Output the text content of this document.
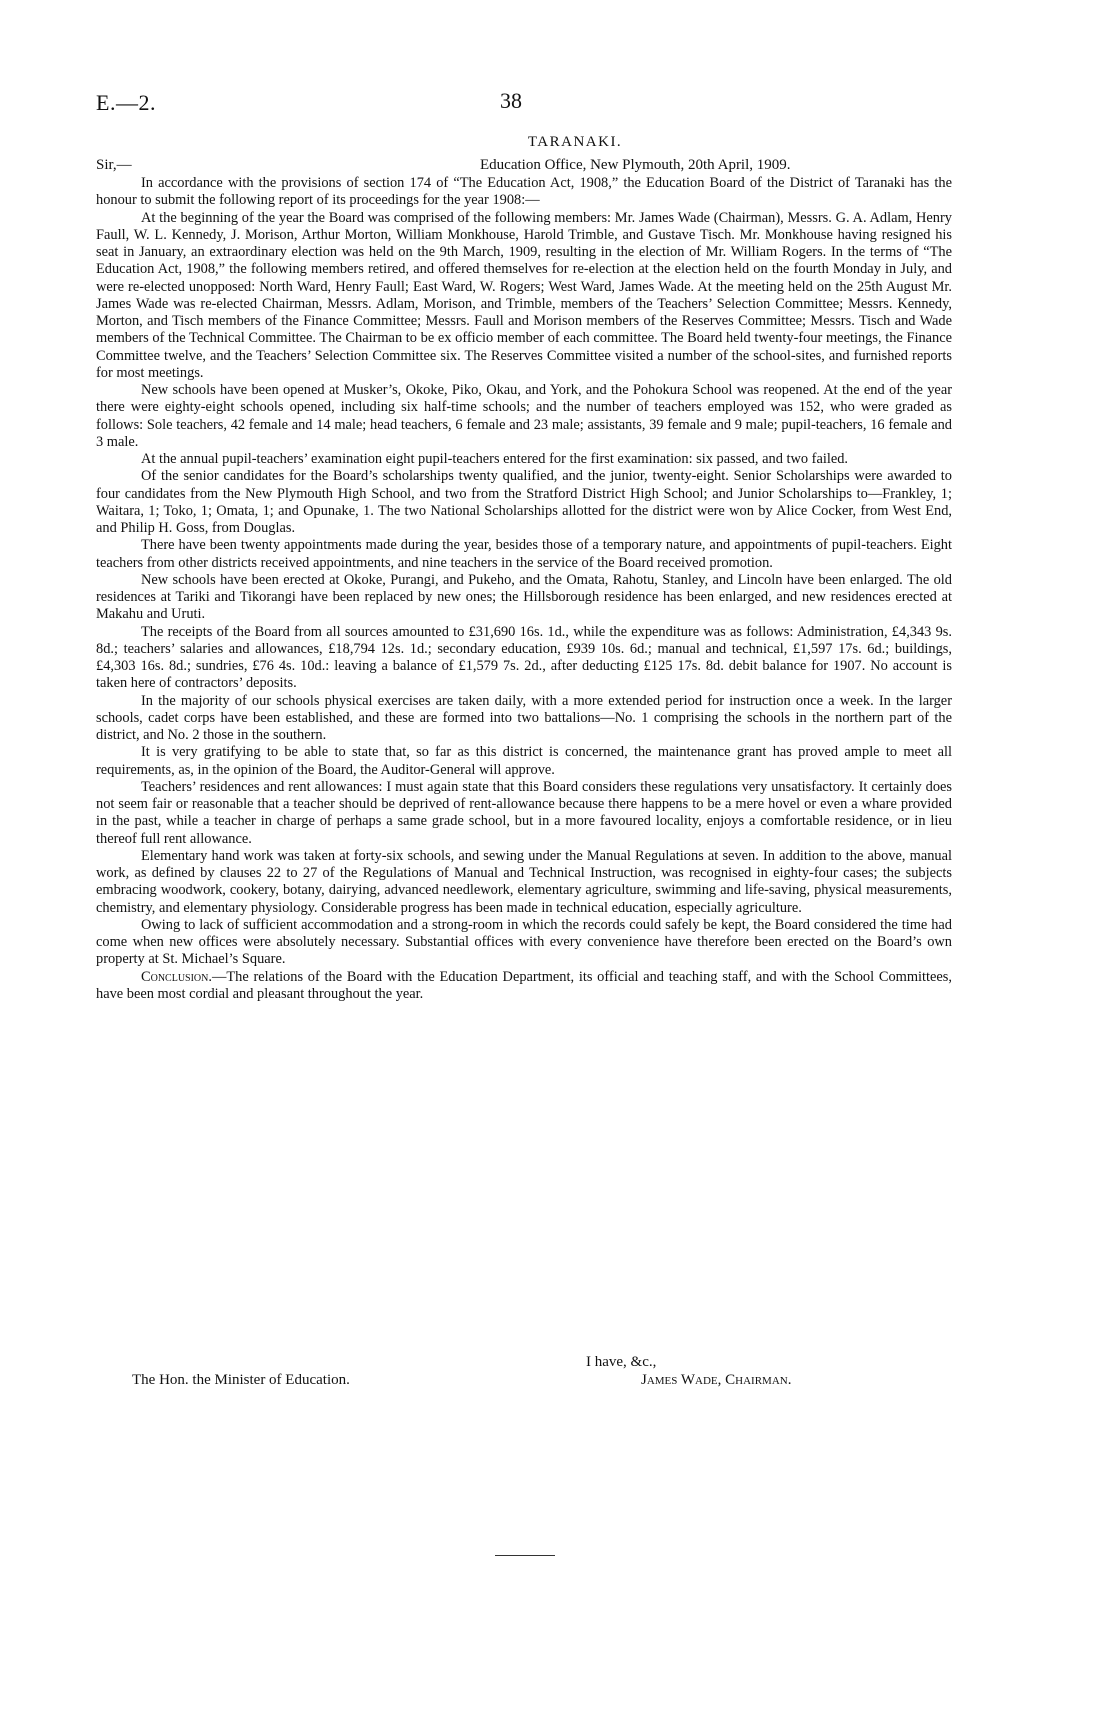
E.—2.	38
TARANAKI.
Sir,—	Education Office, New Plymouth, 20th April, 1909.

In accordance with the provisions of section 174 of “The Education Act, 1908,” the Education Board of the District of Taranaki has the honour to submit the following report of its proceedings for the year 1908:—

At the beginning of the year the Board was comprised of the following members: Mr. James Wade (Chairman), Messrs. G. A. Adlam, Henry Faull, W. L. Kennedy, J. Morison, Arthur Morton, William Monkhouse, Harold Trimble, and Gustave Tisch. Mr. Monkhouse having resigned his seat in January, an extraordinary election was held on the 9th March, 1909, resulting in the election of Mr. William Rogers. In the terms of “The Education Act, 1908,” the following members retired, and offered themselves for re-election at the election held on the fourth Monday in July, and were re-elected unopposed: North Ward, Henry Faull; East Ward, W. Rogers; West Ward, James Wade. At the meeting held on the 25th August Mr. James Wade was re-elected Chairman, Messrs. Adlam, Morison, and Trimble, members of the Teachers’ Selection Committee; Messrs. Kennedy, Morton, and Tisch members of the Finance Committee; Messrs. Faull and Morison members of the Reserves Committee; Messrs. Tisch and Wade members of the Technical Committee. The Chairman to be ex officio member of each committee. The Board held twenty-four meetings, the Finance Committee twelve, and the Teachers’ Selection Committee six. The Reserves Committee visited a number of the school-sites, and furnished reports for most meetings.

New schools have been opened at Musker’s, Okoke, Piko, Okau, and York, and the Pohokura School was reopened. At the end of the year there were eighty-eight schools opened, including six half-time schools; and the number of teachers employed was 152, who were graded as follows: Sole teachers, 42 female and 14 male; head teachers, 6 female and 23 male; assistants, 39 female and 9 male; pupil-teachers, 16 female and 3 male.

At the annual pupil-teachers’ examination eight pupil-teachers entered for the first examination: six passed, and two failed.

Of the senior candidates for the Board’s scholarships twenty qualified, and the junior, twenty-eight. Senior Scholarships were awarded to four candidates from the New Plymouth High School, and two from the Stratford District High School; and Junior Scholarships to—Frankley, 1; Waitara, 1; Toko, 1; Omata, 1; and Opunake, 1. The two National Scholarships allotted for the district were won by Alice Cocker, from West End, and Philip H. Goss, from Douglas.

There have been twenty appointments made during the year, besides those of a temporary nature, and appointments of pupil-teachers. Eight teachers from other districts received appointments, and nine teachers in the service of the Board received promotion.

New schools have been erected at Okoke, Purangi, and Pukeho, and the Omata, Rahotu, Stanley, and Lincoln have been enlarged. The old residences at Tariki and Tikorangi have been replaced by new ones; the Hillsborough residence has been enlarged, and new residences erected at Makahu and Uruti.

The receipts of the Board from all sources amounted to £31,690 16s. 1d., while the expenditure was as follows: Administration, £4,343 9s. 8d.; teachers’ salaries and allowances, £18,794 12s. 1d.; secondary education, £939 10s. 6d.; manual and technical, £1,597 17s. 6d.; buildings, £4,303 16s. 8d.; sundries, £76 4s. 10d.: leaving a balance of £1,579 7s. 2d., after deducting £125 17s. 8d. debit balance for 1907. No account is taken here of contractors’ deposits.

In the majority of our schools physical exercises are taken daily, with a more extended period for instruction once a week. In the larger schools, cadet corps have been established, and these are formed into two battalions—No. 1 comprising the schools in the northern part of the district, and No. 2 those in the southern.

It is very gratifying to be able to state that, so far as this district is concerned, the maintenance grant has proved ample to meet all requirements, as, in the opinion of the Board, the Auditor-General will approve.

Teachers’ residences and rent allowances: I must again state that this Board considers these regulations very unsatisfactory. It certainly does not seem fair or reasonable that a teacher should be deprived of rent-allowance because there happens to be a mere hovel or even a whare provided in the past, while a teacher in charge of perhaps a same grade school, but in a more favoured locality, enjoys a comfortable residence, or in lieu thereof full rent allowance.

Elementary hand work was taken at forty-six schools, and sewing under the Manual Regulations at seven. In addition to the above, manual work, as defined by clauses 22 to 27 of the Regulations of Manual and Technical Instruction, was recognised in eighty-four cases; the subjects embracing woodwork, cookery, botany, dairying, advanced needlework, elementary agriculture, swimming and life-saving, physical measurements, chemistry, and elementary physiology. Considerable progress has been made in technical education, especially agriculture.

Owing to lack of sufficient accommodation and a strong-room in which the records could safely be kept, the Board considered the time had come when new offices were absolutely necessary. Substantial offices with every convenience have therefore been erected on the Board’s own property at St. Michael’s Square.

Conclusion.—The relations of the Board with the Education Department, its official and teaching staff, and with the School Committees, have been most cordial and pleasant throughout the year.

I have, &c.,
The Hon. the Minister of Education.	James Wade, Chairman.
